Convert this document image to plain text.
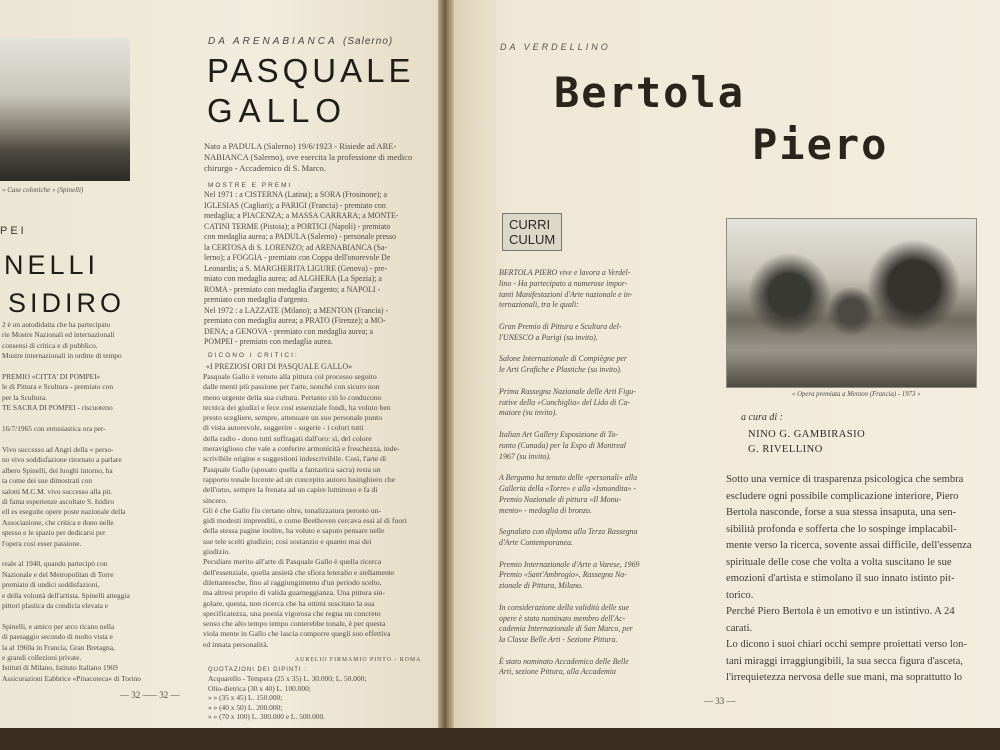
« Case coloniche » (Spinelli)
PEI
NELLI
SIDIRO
2 è un autodidatta che ha partecipato
rie Mostre Nazionali ed internazionali
consensi di critica e di pubblico.
Mostre internazionali in ordine di tempo

PREMIO «CITTA' DI POMPEI»
le di Pittura e Scultura - premiato con
per la Scultura.
TE SACRA DI POMPEI - riscuoteno

16/7/1965 con entusiastica ora per-

Vivo successo ad Angri della « perso-
no vivo soddisfazione ritornato a parlare
albero Spinelli, dei luoghi intorno, ha
ta come dei sue dimostrati con
salotti M.C.M. vivo successo alla pit.
di fama esperienze ascoltate S. Isidiro
ell es eseguite opere poste nazionale della
Associazione, che critica e dono nelle
spesso e le spazio per dedicarsi per
l'opera cosi esser passione.

reale al 1940, quando partecipò con
Nazionale e del Metropolitan di Torre
premiato di undici soddisfazioni,
e della volontà dell'artista. Spinelli atteggia
pittori plastica da condicia elevata e

Spinelli, e amico per arco ricano nella
di paesaggio secondo di molto vista e
la al 1960a in Francia, Gran Bretagna,
e grandi collezioni private.
Istituti di Milano, Istituto Italiano 1969
Assicurazioni Eabbrice «Pinacoteca» di Torino
— 32 —
DA ARENABIANCA (Salerno)
PASQUALE
GALLO
Nato a PADULA (Salerno) 19/6/1923 - Risiede ad ARE-
NABIANCA (Salerno), ove esercita la professione di medico
chirurgo - Accademico di S. Marco.
MOSTRE E PREMI
Nel 1971 : a CISTERNA (Latina); a SORA (Frosinone); a
IGLESIAS (Cagliari); a PARIGI (Francia) - premiato con
medaglia; a PIACENZA; a MASSA CARRARA; a MONTE-
CATINI TERME (Pistoia); a PORTICI (Napoli) - premiato
con medaglia aurea; a PADULA (Salerno) - personale presso
la CERTOSA di S. LORENZO; ad ARENABIANCA (Sa-
lerno); a FOGGIA - premiato con Coppa dell'onorevole De
Leonardis; a S. MARGHERITA LIGURE (Genova) - pre-
miato con medaglia aurea; ad ALGHERA (La Spezia); a
ROMA - premiato con medaglia d'argento; a NAPOLI -
premiato con medaglia d'argento.
Nel 1972 : a LAZZATE (Milano); a MENTON (Francia) -
premiato con medaglia aurea; a PRATO (Firenze); a MO-
DENA; a GENOVA - premiato con medaglia aurea; a
POMPEI - premiato con medaglia aurea.
DICONO I CRITICI:
«I PREZIOSI ORI DI PASQUALE GALLO»
Pasquale Gallo è venuto alla pittura col processo seguito
dalle menti più passione per l'arte, nonché con sicuro non
meno urgente della sua cultura. Pertanto ciò lo conducono
tecnica dei giudizi e fece così essenziale fondi, ha voluto ben
presto scegliere, sempre, attenuare un suo personale punto
di vista autorevole, suggerire - sugerie - i colori tutti
della radio - dono tutti suffragati dall'oro: sì, del colore
meraviglioso che vale a conferire armonicità e freschezza, inde-
scrivibile origine e suggestioni indescrivibile. Così, l'arte di
Pasquale Gallo (sposato quella a fantastica sacra) resta un
rapporto tonale lucente ad un concepito autoro lusinghiero che
dell'omo, sempre la frenata ad un capire luminoso e fa di
sincero.
Gli è che Gallo fin certano oltre, tonalizzatura perosto un-
gidi modesti imprenditi, e come Beethoven cercava essi al di fuori
della stessa pagine inoltre, ha voluto e saputo pensare nelle
sue tele scelti giudizio; cosi sostanzio e quanto mai dei
giudizio.
Peculiare merito all'arte di Pasquale Gallo è quella ricerca
dell'essenziale, quella ansietà che sfiora leteralio e stellamente
dilettantesche, fino al raggiungimento d'un periodo scelto,
ma altresi proprio di valida guarneggianza. Una pittura sin-
golare, questa, non ricerca che ha ottimi suscitato la sua
specificatezza, una poesia vigorosa che regna un concreto
senso che alto tempo tempo conterebbe tonale, è per questa
viola mente in Gallo che lascia comporre quegli suo effettiva
ed innata personalità.
AURELIO FIRMAMIO PINTO - ROMA
QUOTAZIONI DEI DIPINTI :
Acquarello - Tempera (25 x 35) L. 30.000; L. 50.000;
Olio-dietrica (30 x 40) L. 100.000;
» » (35 x 45) L. 150.000;
» » (40 x 50) L. 200.000;
» » (70 x 100) L. 300.000 e L. 500.000.
— 32 —
DA VERDELLINO
Bertola
Piero
CURRI
CULUM
BERTOLA PIERO vive e lavora a Verdel-
lino - Ha partecipato a numerose impor-
tanti Manifestazioni d'Arte nazionale e in-
ternazionali, tra le quali:

Gran Premio di Pittura e Scultura del-
l'UNESCO a Parigi (su invito).

Salone Internazionale di Compiègne per
le Arti Grafiche e Plastiche (su invito).

Prima Rassegna Nazionale delle Arti Figu-
rative della «Conchiglia» del Lido di Ca-
maiore (su invito).

Italian Art Gallery Esposizione di To-
ronto (Canada) per la Expo di Montreal
1967 (su invito).

A Bergamo ha tenuto delle «personali» alla
Galleria della «Torre» e alla «Ismondita» -
Premio Nazionale di pittura «Il Monu-
mento» - medaglia di bronzo.

Segnalato con diploma alla Terza Rassegna
d'Arte Contemporanea.

Premio Internazionale d'Arte a Varese, 1969
Premio «Sant'Ambrogio», Rassegna Na-
zionale di Pittura, Milano.

In considerazione della validità delle sue
opere è stato nominato membro dell'Ac-
cademia Internazionale di San Marco, per
la Classe Belle Arti - Sezione Pittura.

È stato nominato Accademico delle Belle
Arti, sezione Pittura, alla Accademia
« Opera premiata a Menton (Francia) - 1973 »
a cura di :
NINO G. GAMBIRASIO
G. RIVELLINO
Sotto una vernice di trasparenza psicologica che sembra
escludere ogni possibile complicazione interiore, Piero
Bertola nasconde, forse a sua stessa insaputa, una sen-
sibilità profonda e sofferta che lo sospinge implacabil-
mente verso la ricerca, sovente assai difficile, dell'essenza
spirituale delle cose che volta a volta suscitano le sue
emozioni d'artista e stimolano il suo innato istinto pit-
torico.
Perché Piero Bertola è un emotivo e un istintivo. A 24
carati.
Lo dicono i suoi chiari occhi sempre proiettati verso lon-
tani miraggi irraggiungibili, la sua secca figura d'asceta,
l'irrequietezza nervosa delle sue mani, ma soprattutto lo
— 33 —
